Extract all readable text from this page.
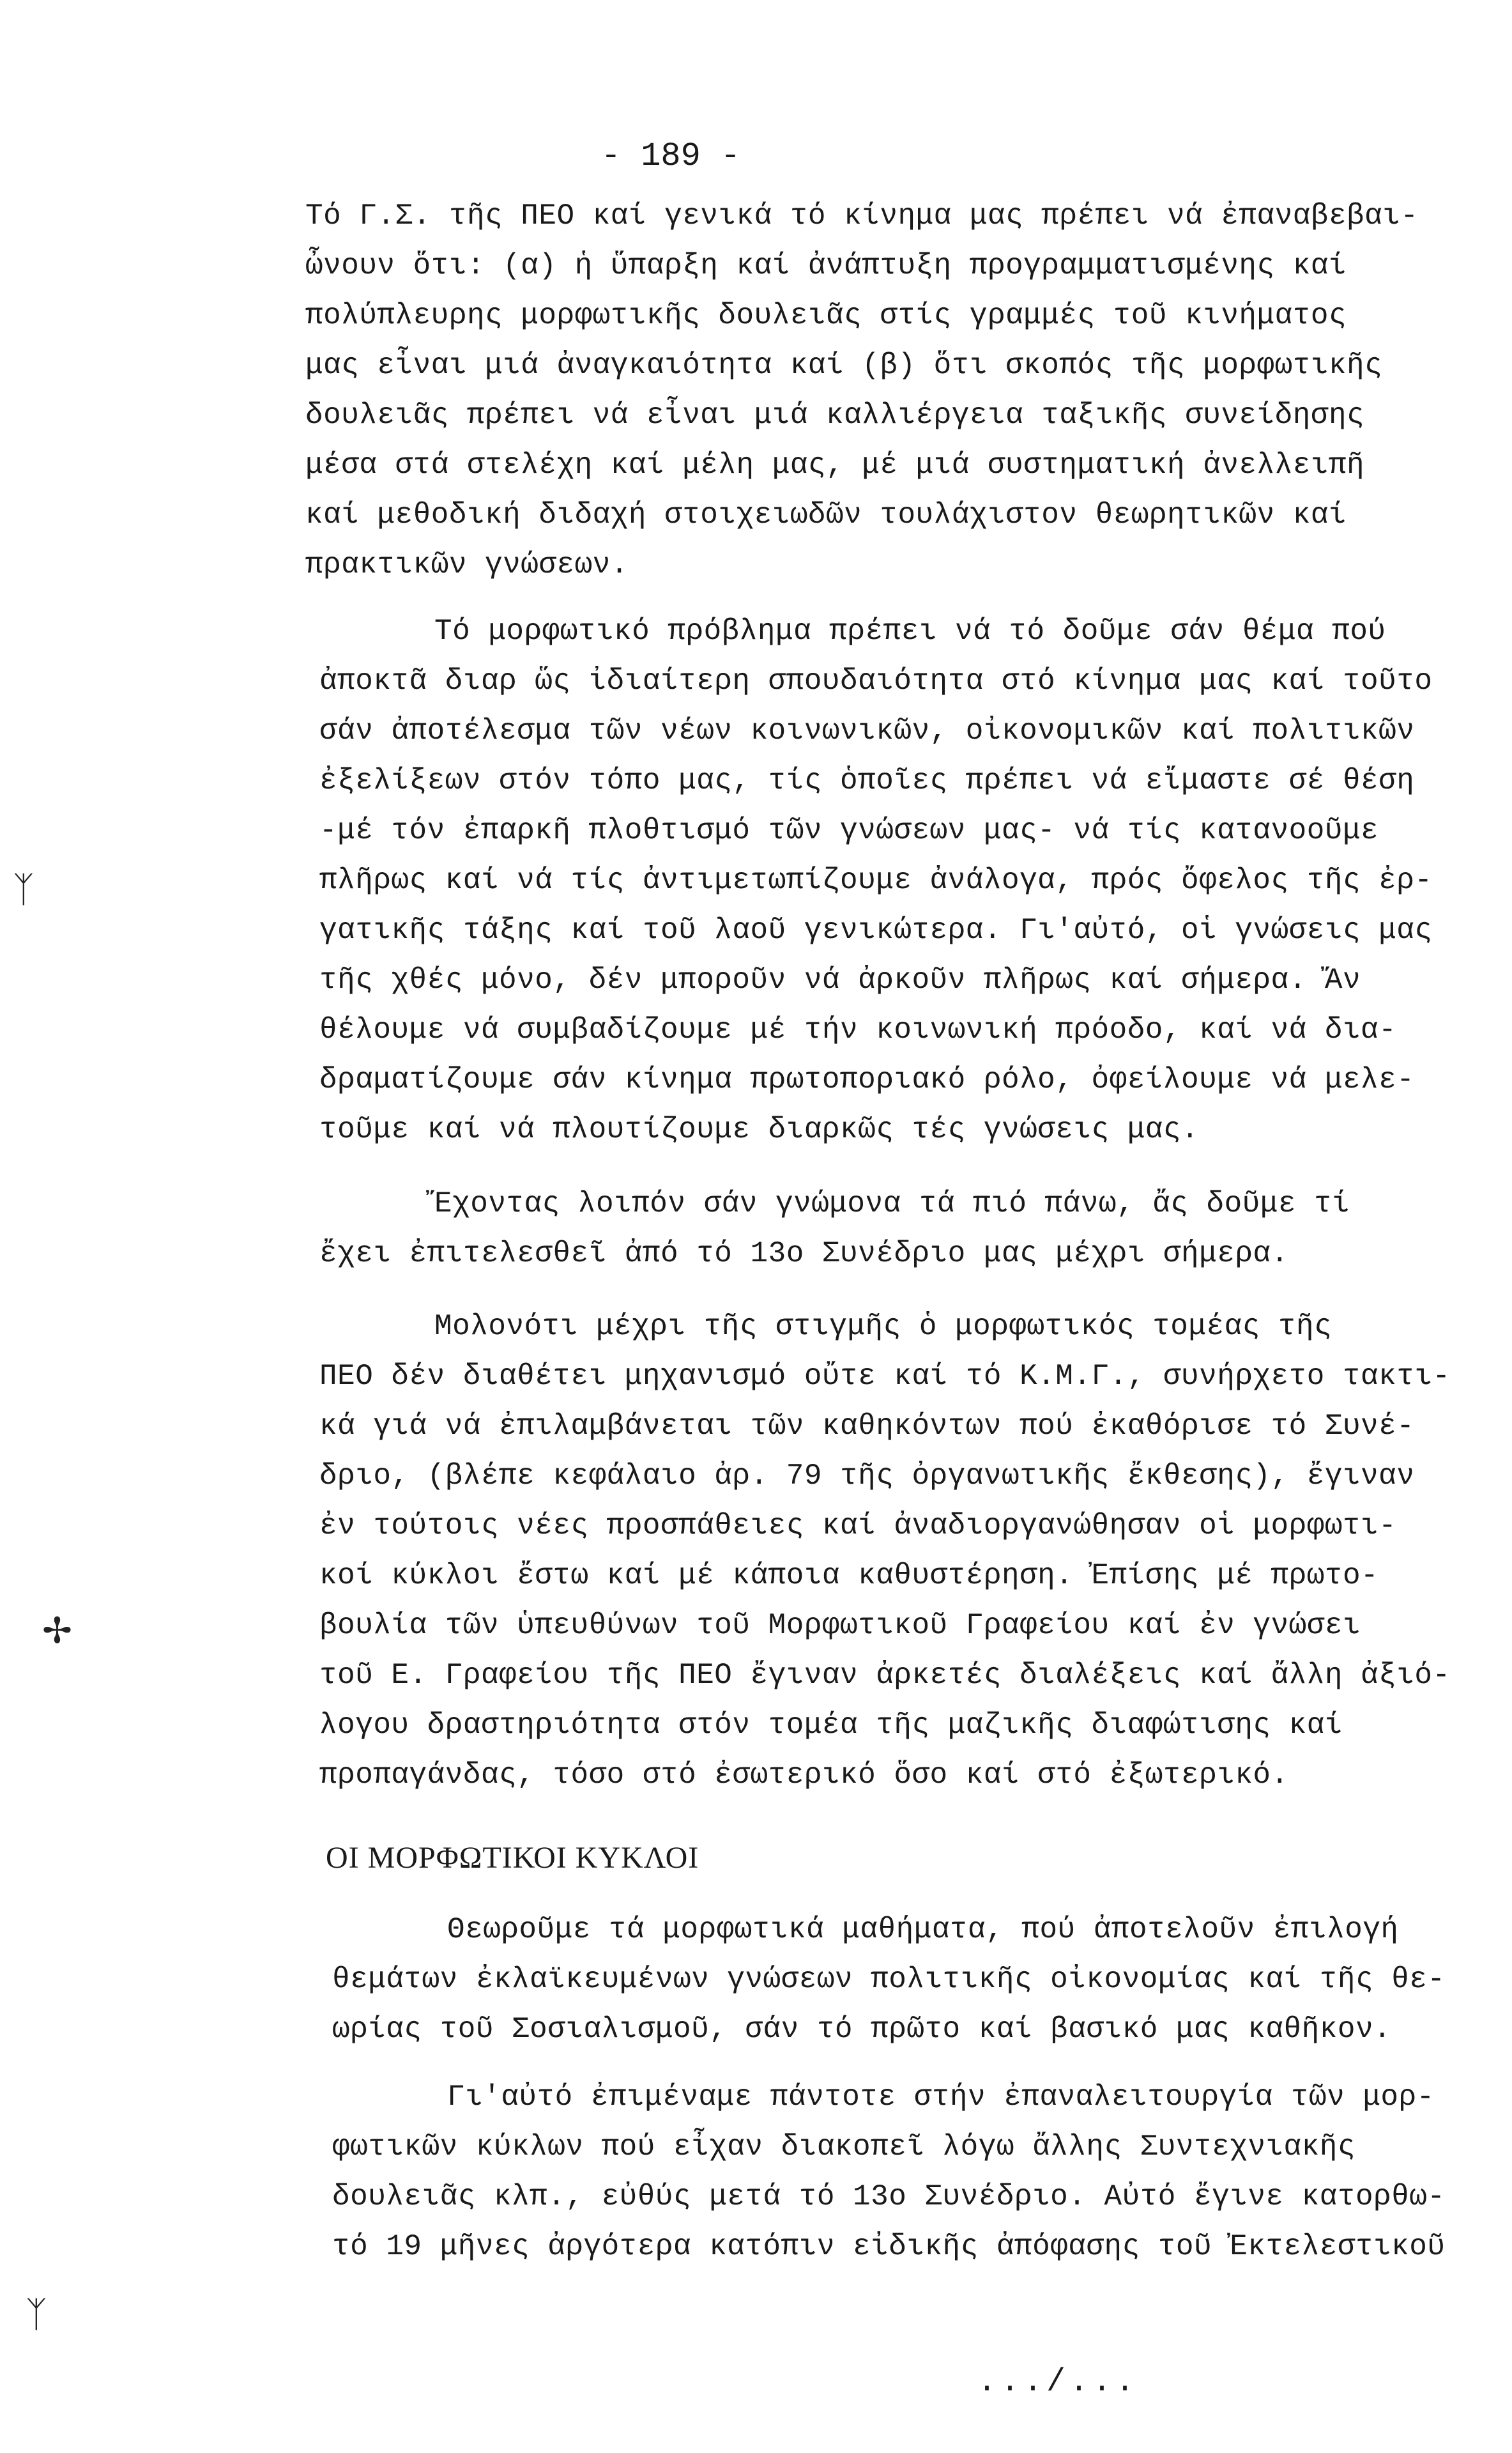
- 189 -
Τό Γ.Σ. τῆς ΠΕΟ καί γενικά τό κίνημα μας πρέπει νά ἐπαναβεβαι-
ὦνουν ὅτι: (α) ἡ ὕπαρξη καί ἀνάπτυξη προγραμματισμένης καί
πολύπλευρης μορφωτικῆς δουλειᾶς στίς γραμμές τοῦ κινήματος
μας εἶναι μιά ἀναγκαιότητα καί (β) ὅτι σκοπός τῆς μορφωτικῆς
δουλειᾶς πρέπει νά εἶναι μιά καλλιέργεια ταξικῆς συνείδησης
μέσα στά στελέχη καί μέλη μας, μέ μιά συστηματική ἀνελλειπῆ
καί μεθοδική διδαχή στοιχειωδῶν τουλάχιστον θεωρητικῶν καί
πρακτικῶν γνώσεων.
Τό μορφωτικό πρόβλημα πρέπει νά τό δοῦμε σάν θέμα πού
ἀποκτᾶ διαρ ὥς ἰδιαίτερη σπουδαιότητα στό κίνημα μας καί τοῦτο
σάν ἀποτέλεσμα τῶν νέων κοινωνικῶν, οἰκονομικῶν καί πολιτικῶν
ἐξελίξεων στόν τόπο μας, τίς ὁποῖες πρέπει νά εἴμαστε σέ θέση
-μέ τόν ἐπαρκῆ πλοθτισμό τῶν γνώσεων μας- νά τίς κατανοοῦμε
πλῆρως καί νά τίς ἀντιμετωπίζουμε ἀνάλογα, πρός ὄφελος τῆς ἐρ-
γατικῆς τάξης καί τοῦ λαοῦ γενικώτερα. Γι'αὐτό, οἱ γνώσεις μας
τῆς χθές μόνο, δέν μποροῦν νά ἀρκοῦν πλῆρως καί σήμερα. Ἄν
θέλουμε νά συμβαδίζουμε μέ τήν κοινωνική πρόοδο, καί νά δια-
δραματίζουμε σάν κίνημα πρωτοποριακό ρόλο, ὀφείλουμε νά μελε-
τοῦμε καί νά πλουτίζουμε διαρκῶς τές γνώσεις μας.
Ἔχοντας λοιπόν σάν γνώμονα τά πιό πάνω, ἄς δοῦμε τί
ἔχει ἐπιτελεσθεῖ ἀπό τό 13ο Συνέδριο μας μέχρι σήμερα.
Μολονότι μέχρι τῆς στιγμῆς ὁ μορφωτικός τομέας τῆς
ΠΕΟ δέν διαθέτει μηχανισμό οὔτε καί τό Κ.Μ.Γ., συνήρχετο τακτι-
κά γιά νά ἐπιλαμβάνεται τῶν καθηκόντων πού ἐκαθόρισε τό Συνέ-
δριο, (βλέπε κεφάλαιο ἀρ. 79 τῆς ὀργανωτικῆς ἔκθεσης), ἔγιναν
ἐν τούτοις νέες προσπάθειες καί ἀναδιοργανώθησαν οἱ μορφωτι-
κοί κύκλοι ἔστω καί μέ κάποια καθυστέρηση. Ἐπίσης μέ πρωτο-
βουλία τῶν ὑπευθύνων τοῦ Μορφωτικοῦ Γραφείου καί ἐν γνώσει
τοῦ Ε. Γραφείου τῆς ΠΕΟ ἔγιναν ἀρκετές διαλέξεις καί ἄλλη ἀξιό-
λογου δραστηριότητα στόν τομέα τῆς μαζικῆς διαφώτισης καί
προπαγάνδας, τόσο στό ἐσωτερικό ὅσο καί στό ἐξωτερικό.
ΟΙ ΜΟΡΦΩΤΙΚΟΙ ΚΥΚΛΟΙ
Θεωροῦμε τά μορφωτικά μαθήματα, πού ἀποτελοῦν ἐπιλογή
θεμάτων ἐκλαϊκευμένων γνώσεων πολιτικῆς οἰκονομίας καί τῆς θε-
ωρίας τοῦ Σοσιαλισμοῦ, σάν τό πρῶτο καί βασικό μας καθῆκον.
Γι'αὐτό ἐπιμέναμε πάντοτε στήν ἐπαναλειτουργία τῶν μορ-
φωτικῶν κύκλων πού εἶχαν διακοπεῖ λόγω ἄλλης Συντεχνιακῆς
δουλειᾶς κλπ., εὐθύς μετά τό 13ο Συνέδριο. Αὐτό ἔγινε κατορθω-
τό 19 μῆνες ἀργότερα κατόπιν εἰδικῆς ἀπόφασης τοῦ Ἐκτελεστικοῦ
.../...
ᛉ
✢
ᛉ
